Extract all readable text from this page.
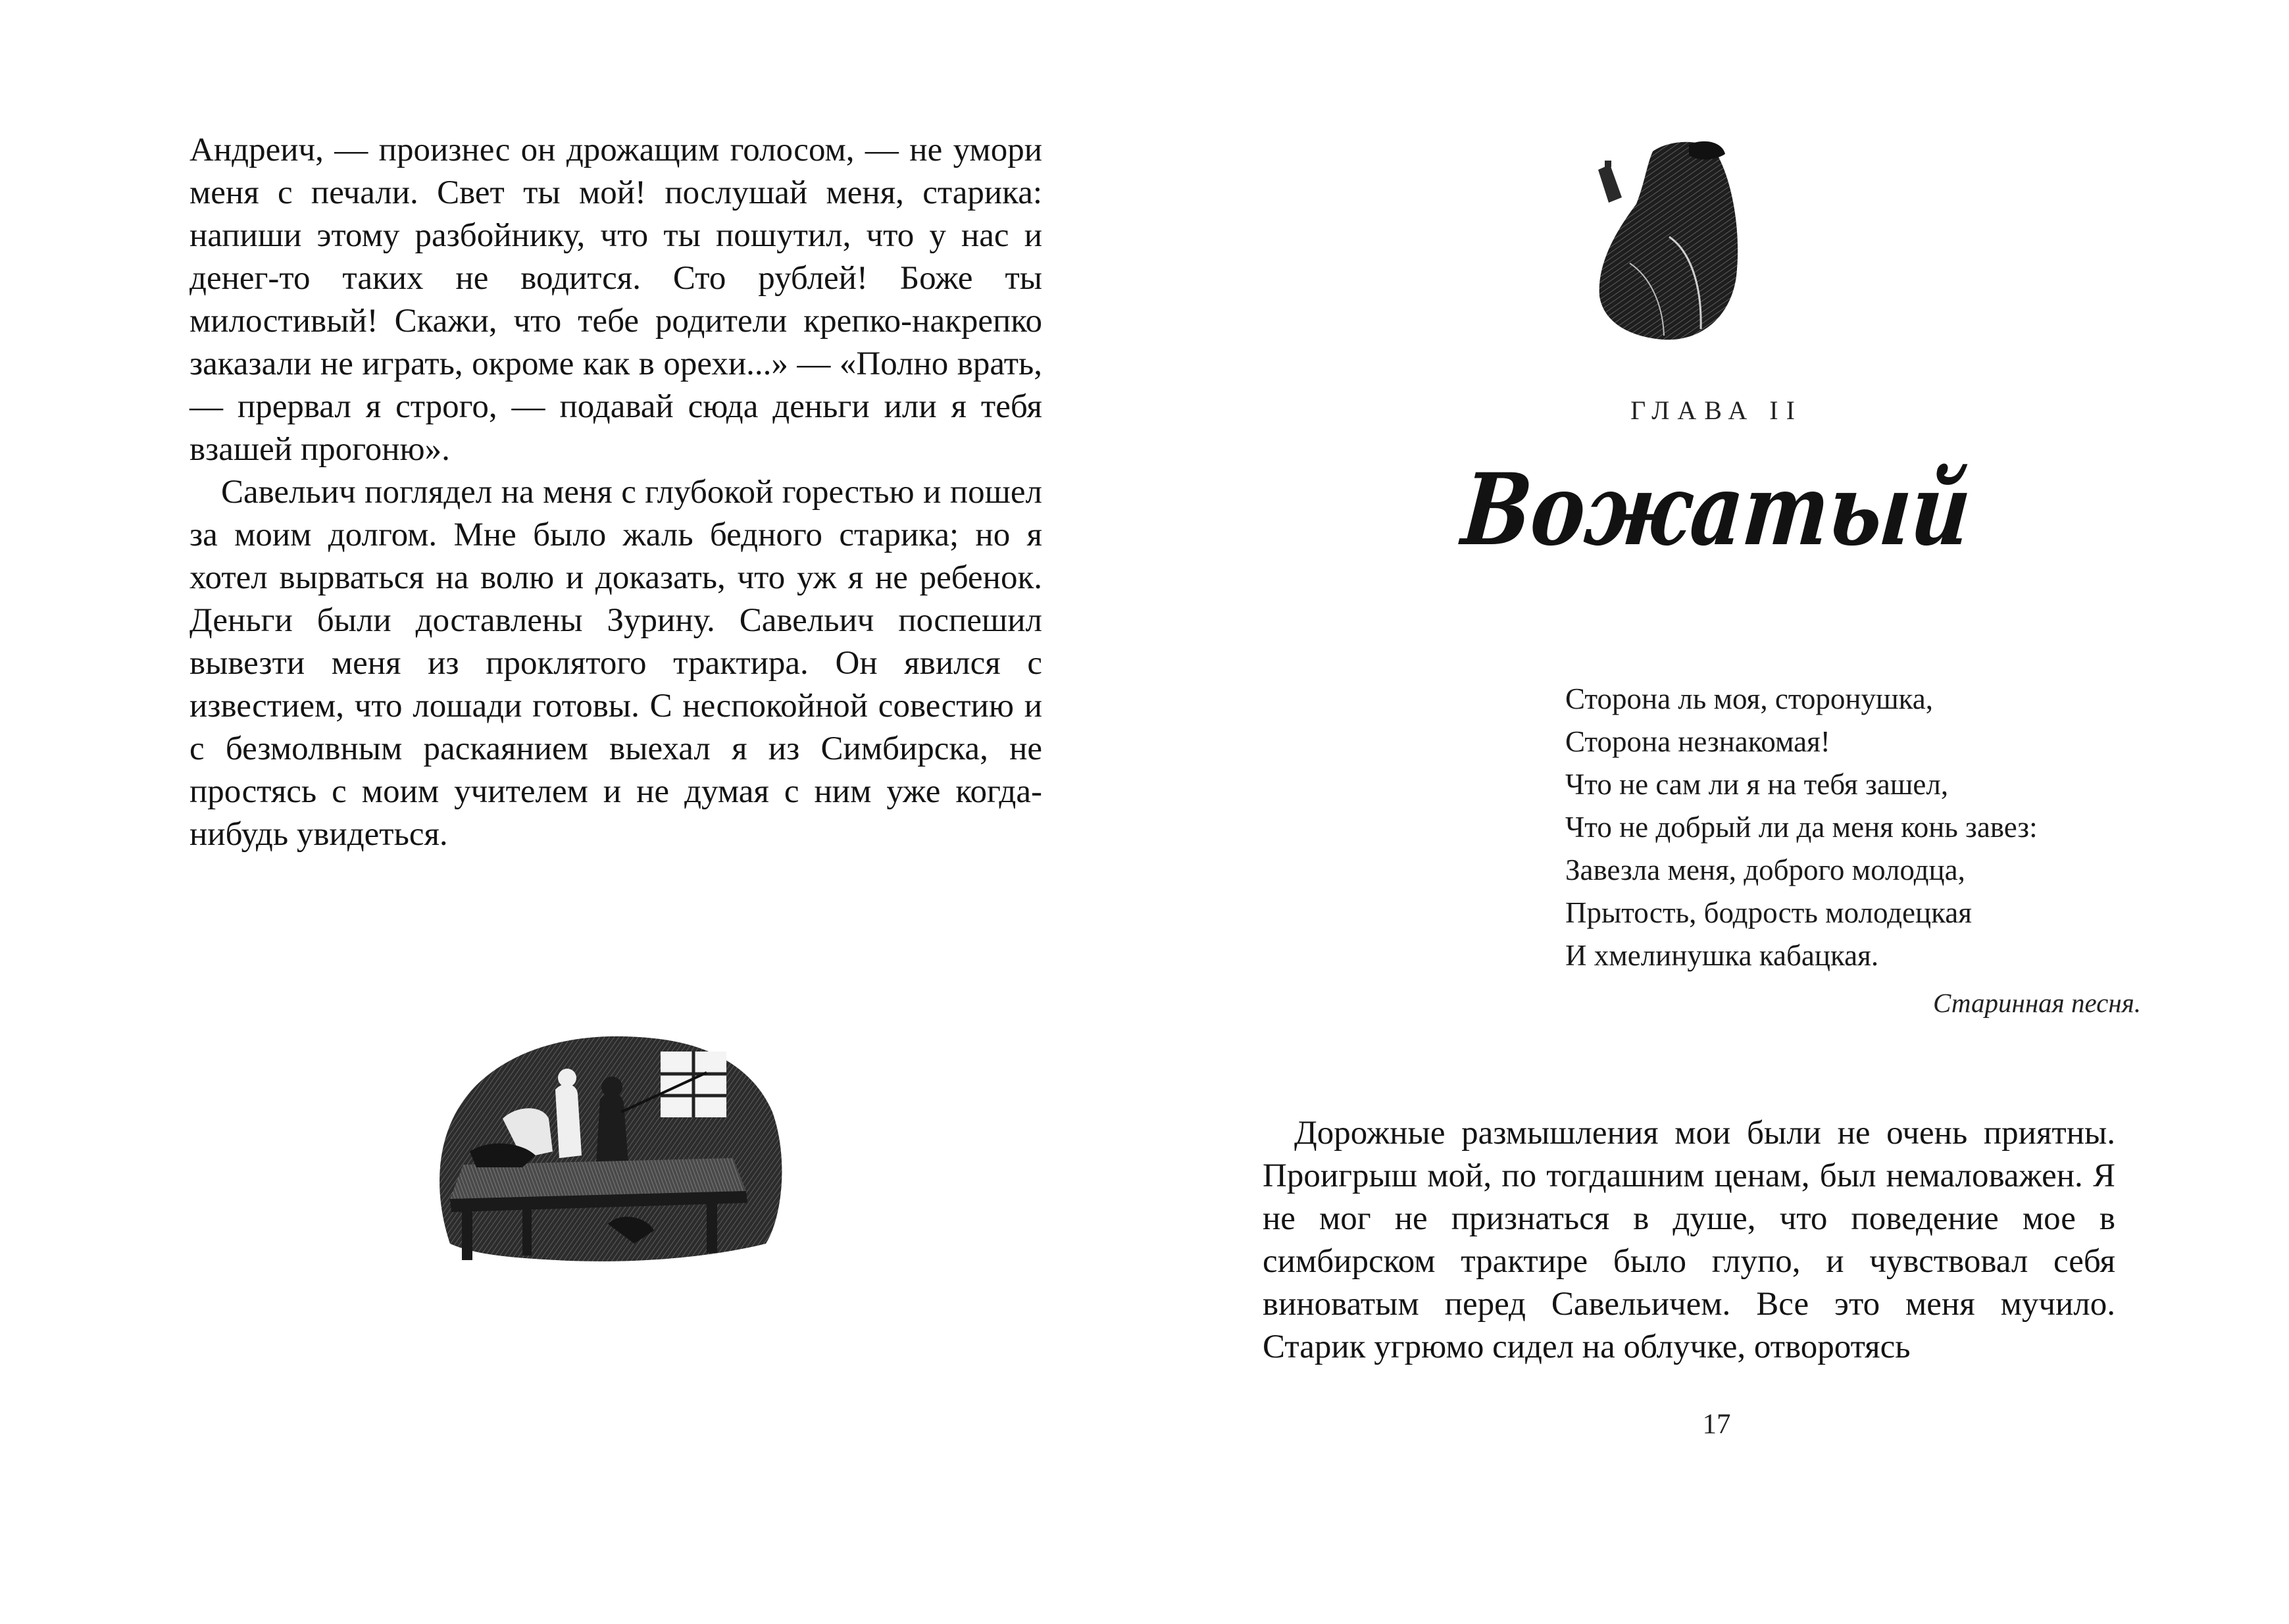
Андреич, — произнес он дрожащим голосом, — не умори меня с печали. Свет ты мой! послушай меня, старика: напиши этому разбойнику, что ты пошутил, что у нас и денег-то таких не водится. Сто рублей! Боже ты милостивый! Скажи, что тебе родители крепко-накрепко заказали не играть, окроме как в орехи...» — «Полно врать, — прервал я строго, — подавай сюда деньги или я тебя взашей прогоню».

Савельич поглядел на меня с глубокой горестью и пошел за моим долгом. Мне было жаль бедного старика; но я хотел вырваться на волю и доказать, что уж я не ребенок. Деньги были доставлены Зурину. Савельич поспешил вывезти меня из проклятого трактира. Он явился с известием, что лошади готовы. С неспокойной совестию и с безмолвным раскаянием выехал я из Симбирска, не простясь с моим учителем и не думая с ним уже когда-нибудь увидеться.

ГЛАВА II
Вожатый
Сторона ль моя, сторонушка,
Сторона незнакомая!
Что не сам ли я на тебя зашел,
Что не добрый ли да меня конь завез:
Завезла меня, доброго молодца,
Прытость, бодрость молодецкая
И хмелинушка кабацкая.
Старинная песня.

Дорожные размышления мои были не очень приятны. Проигрыш мой, по тогдашним ценам, был немаловажен. Я не мог не признаться в душе, что поведение мое в симбирском трактире было глупо, и чувствовал себя виноватым перед Савельичем. Все это меня мучило. Старик угрюмо сидел на облучке, отворотясь

17
